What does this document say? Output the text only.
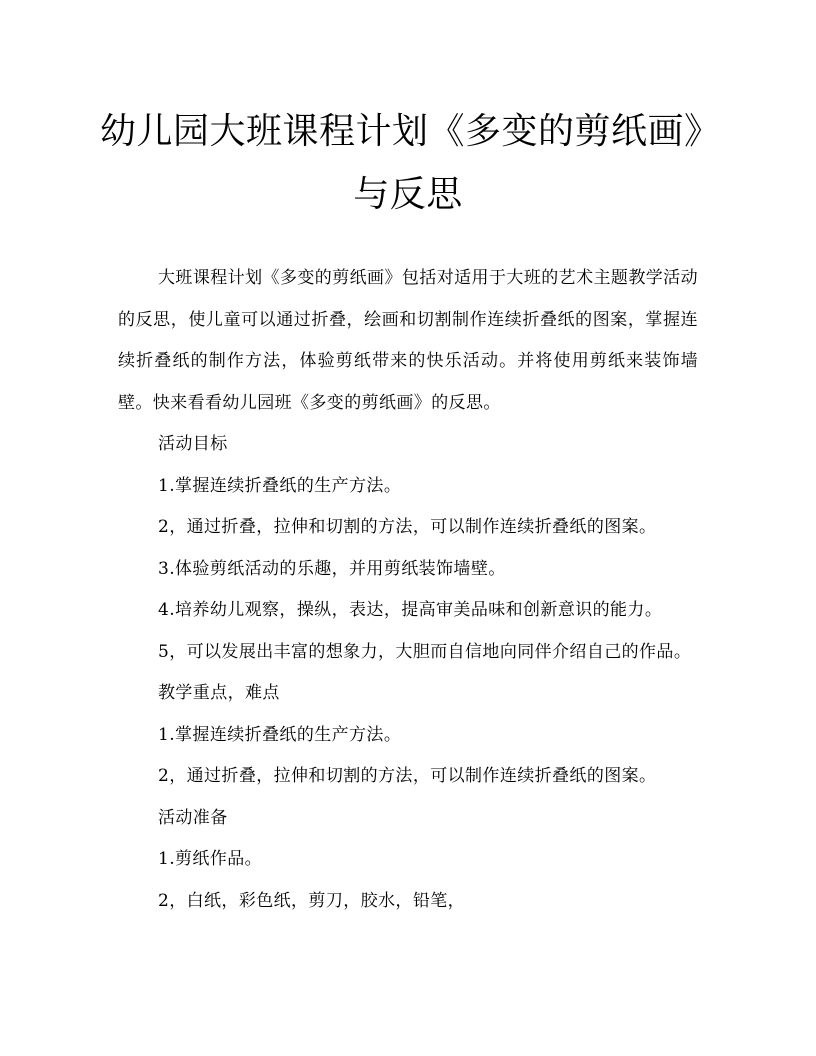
幼儿园大班课程计划《多变的剪纸画》
与反思

大班课程计划《多变的剪纸画》包括对适用于大班的艺术主题教学活动的反思，使儿童可以通过折叠，绘画和切割制作连续折叠纸的图案，掌握连续折叠纸的制作方法，体验剪纸带来的快乐活动。并将使用剪纸来装饰墙壁。快来看看幼儿园班《多变的剪纸画》的反思。

活动目标

1.掌握连续折叠纸的生产方法。

2，通过折叠，拉伸和切割的方法，可以制作连续折叠纸的图案。

3.体验剪纸活动的乐趣，并用剪纸装饰墙壁。

4.培养幼儿观察，操纵，表达，提高审美品味和创新意识的能力。

5，可以发展出丰富的想象力，大胆而自信地向同伴介绍自己的作品。

教学重点，难点

1.掌握连续折叠纸的生产方法。

2，通过折叠，拉伸和切割的方法，可以制作连续折叠纸的图案。

活动准备

1.剪纸作品。

2，白纸，彩色纸，剪刀，胶水，铅笔，
